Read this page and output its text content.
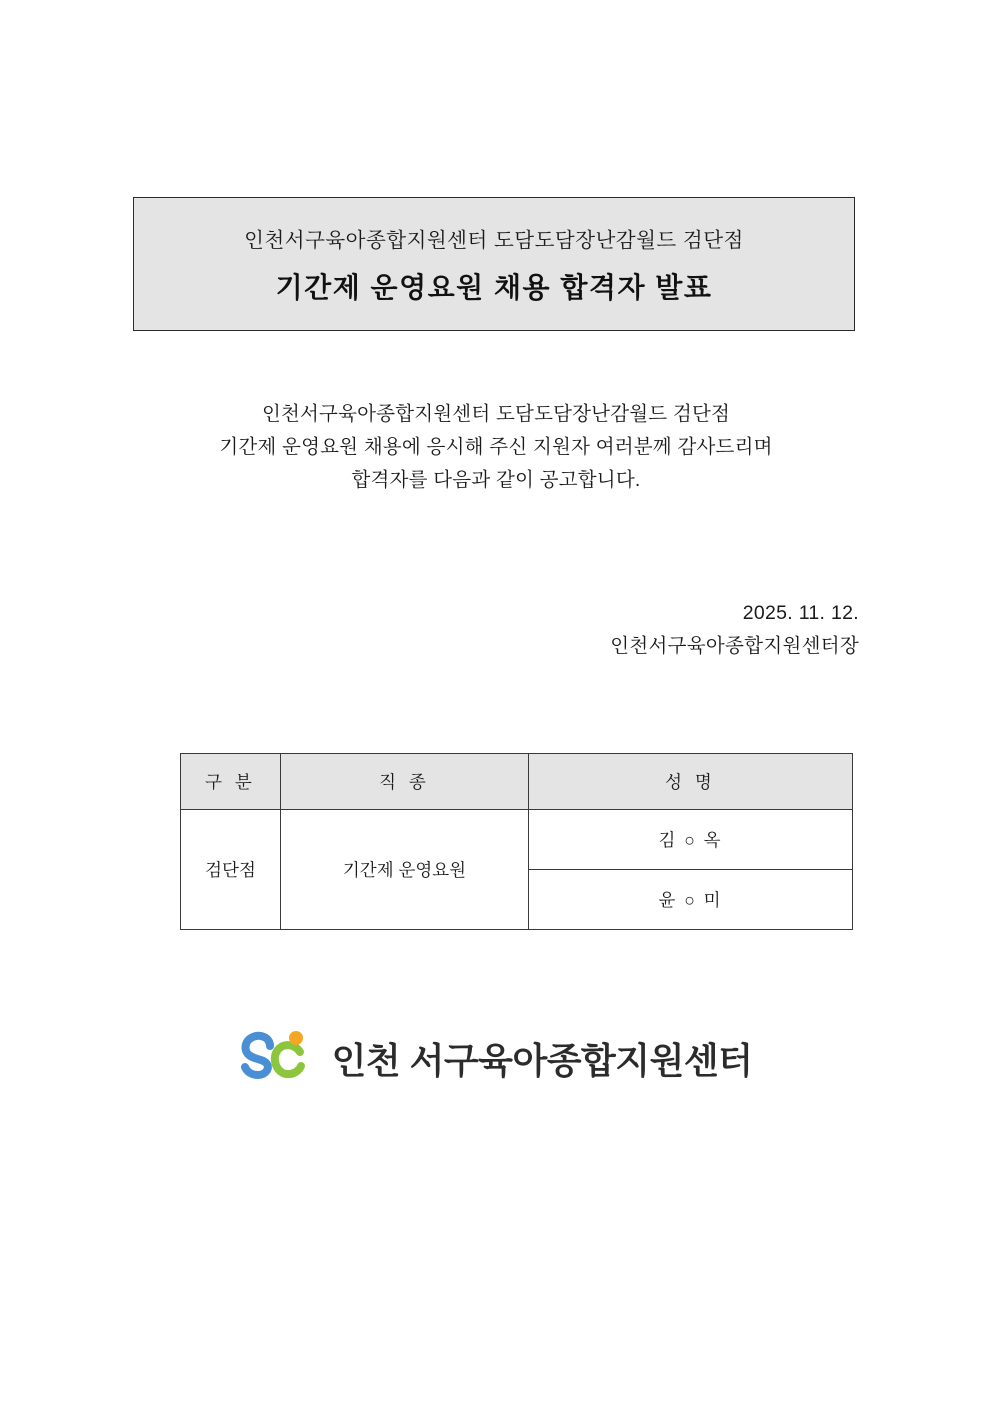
인천서구육아종합지원센터 도담도담장난감월드 검단점
기간제 운영요원 채용 합격자 발표
인천서구육아종합지원센터 도담도담장난감월드 검단점
기간제 운영요원 채용에 응시해 주신 지원자 여러분께 감사드리며
합격자를 다음과 같이 공고합니다.
2025. 11. 12.
인천서구육아종합지원센터장
구 분	직 종	성 명
검단점	기간제 운영요원	김 ○ 옥
		윤 ○ 미
인천 서구육아종합지원센터
